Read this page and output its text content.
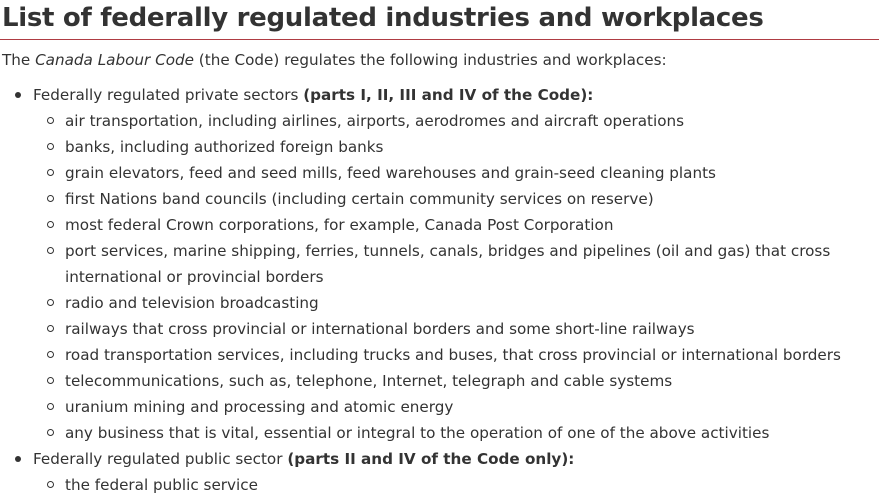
List of federally regulated industries and workplaces

The Canada Labour Code (the Code) regulates the following industries and workplaces:

Federally regulated private sectors (parts I, II, III and IV of the Code):
air transportation, including airlines, airports, aerodromes and aircraft operations
banks, including authorized foreign banks
grain elevators, feed and seed mills, feed warehouses and grain-seed cleaning plants
first Nations band councils (including certain community services on reserve)
most federal Crown corporations, for example, Canada Post Corporation
port services, marine shipping, ferries, tunnels, canals, bridges and pipelines (oil and gas) that cross international or provincial borders
radio and television broadcasting
railways that cross provincial or international borders and some short-line railways
road transportation services, including trucks and buses, that cross provincial or international borders
telecommunications, such as, telephone, Internet, telegraph and cable systems
uranium mining and processing and atomic energy
any business that is vital, essential or integral to the operation of one of the above activities
Federally regulated public sector (parts II and IV of the Code only):
the federal public service
